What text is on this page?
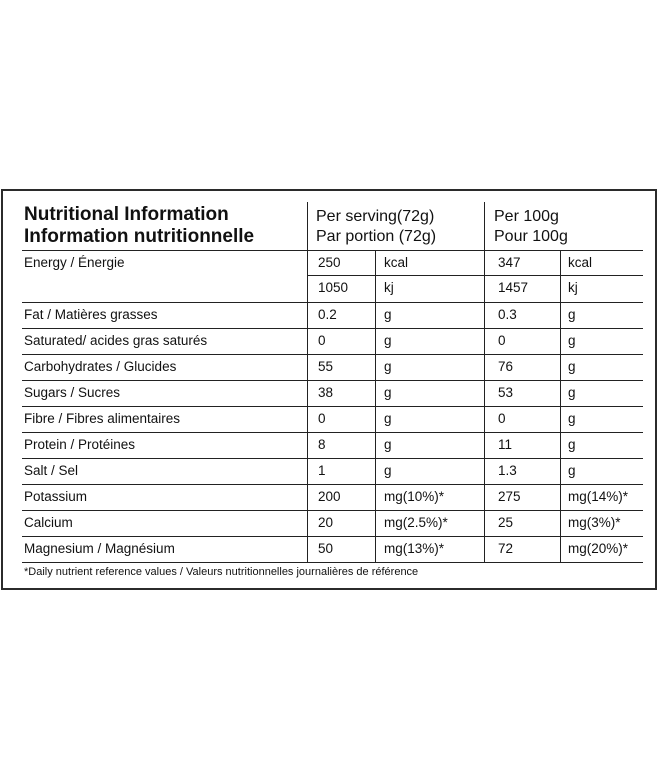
Nutritional Information
Information nutritionnelle
Per serving(72g)
Par portion (72g)
Per 100g
Pour 100g
Energy / Énergie	250	kcal	347	kcal
1050	kj	1457	kj
Fat / Matières grasses	0.2	g	0.3	g
Saturated/ acides gras saturés	0	g	0	g
Carbohydrates / Glucides	55	g	76	g
Sugars / Sucres	38	g	53	g
Fibre / Fibres alimentaires	0	g	0	g
Protein / Protéines	8	g	11	g
Salt / Sel	1	g	1.3	g
Potassium	200	mg(10%)*	275	mg(14%)*
Calcium	20	mg(2.5%)*	25	mg(3%)*
Magnesium / Magnésium	50	mg(13%)*	72	mg(20%)*
*Daily nutrient reference values / Valeurs nutritionnelles journalières de référence
